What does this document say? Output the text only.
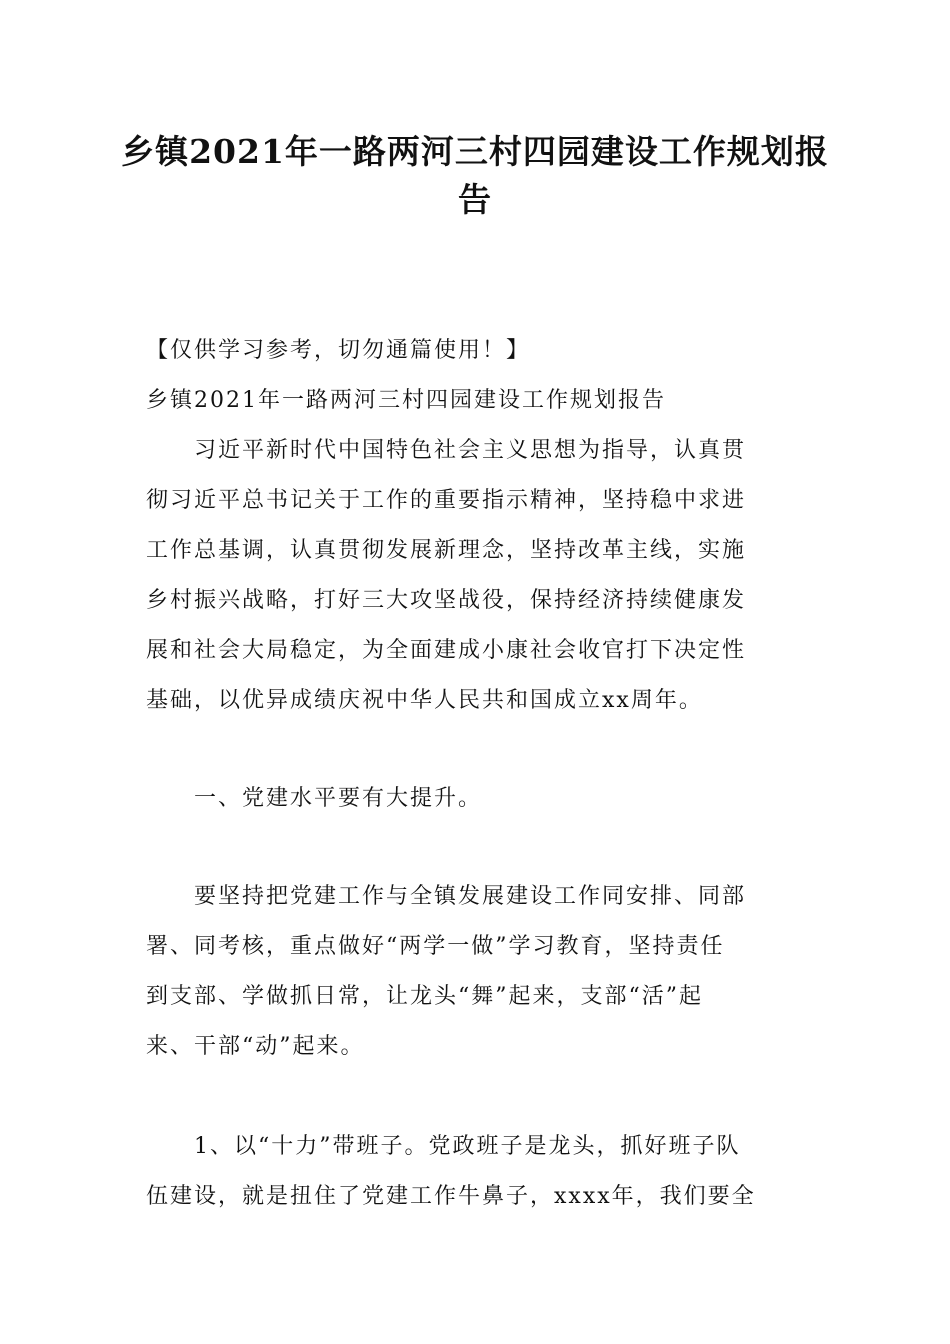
乡镇2021年一路两河三村四园建设工作规划报告
【仅供学习参考，切勿通篇使用！】
乡镇2021年一路两河三村四园建设工作规划报告
　　习近平新时代中国特色社会主义思想为指导，认真贯
彻习近平总书记关于工作的重要指示精神，坚持稳中求进
工作总基调，认真贯彻发展新理念，坚持改革主线，实施
乡村振兴战略，打好三大攻坚战役，保持经济持续健康发
展和社会大局稳定，为全面建成小康社会收官打下决定性
基础，以优异成绩庆祝中华人民共和国成立xx周年。
　　一、党建水平要有大提升。
　　要坚持把党建工作与全镇发展建设工作同安排、同部
署、同考核，重点做好“两学一做”学习教育，坚持责任
到支部、学做抓日常，让龙头“舞”起来，支部“活”起
来、干部“动”起来。
　　1、以“十力”带班子。党政班子是龙头，抓好班子队
伍建设，就是扭住了党建工作牛鼻子，xxxx年，我们要全
